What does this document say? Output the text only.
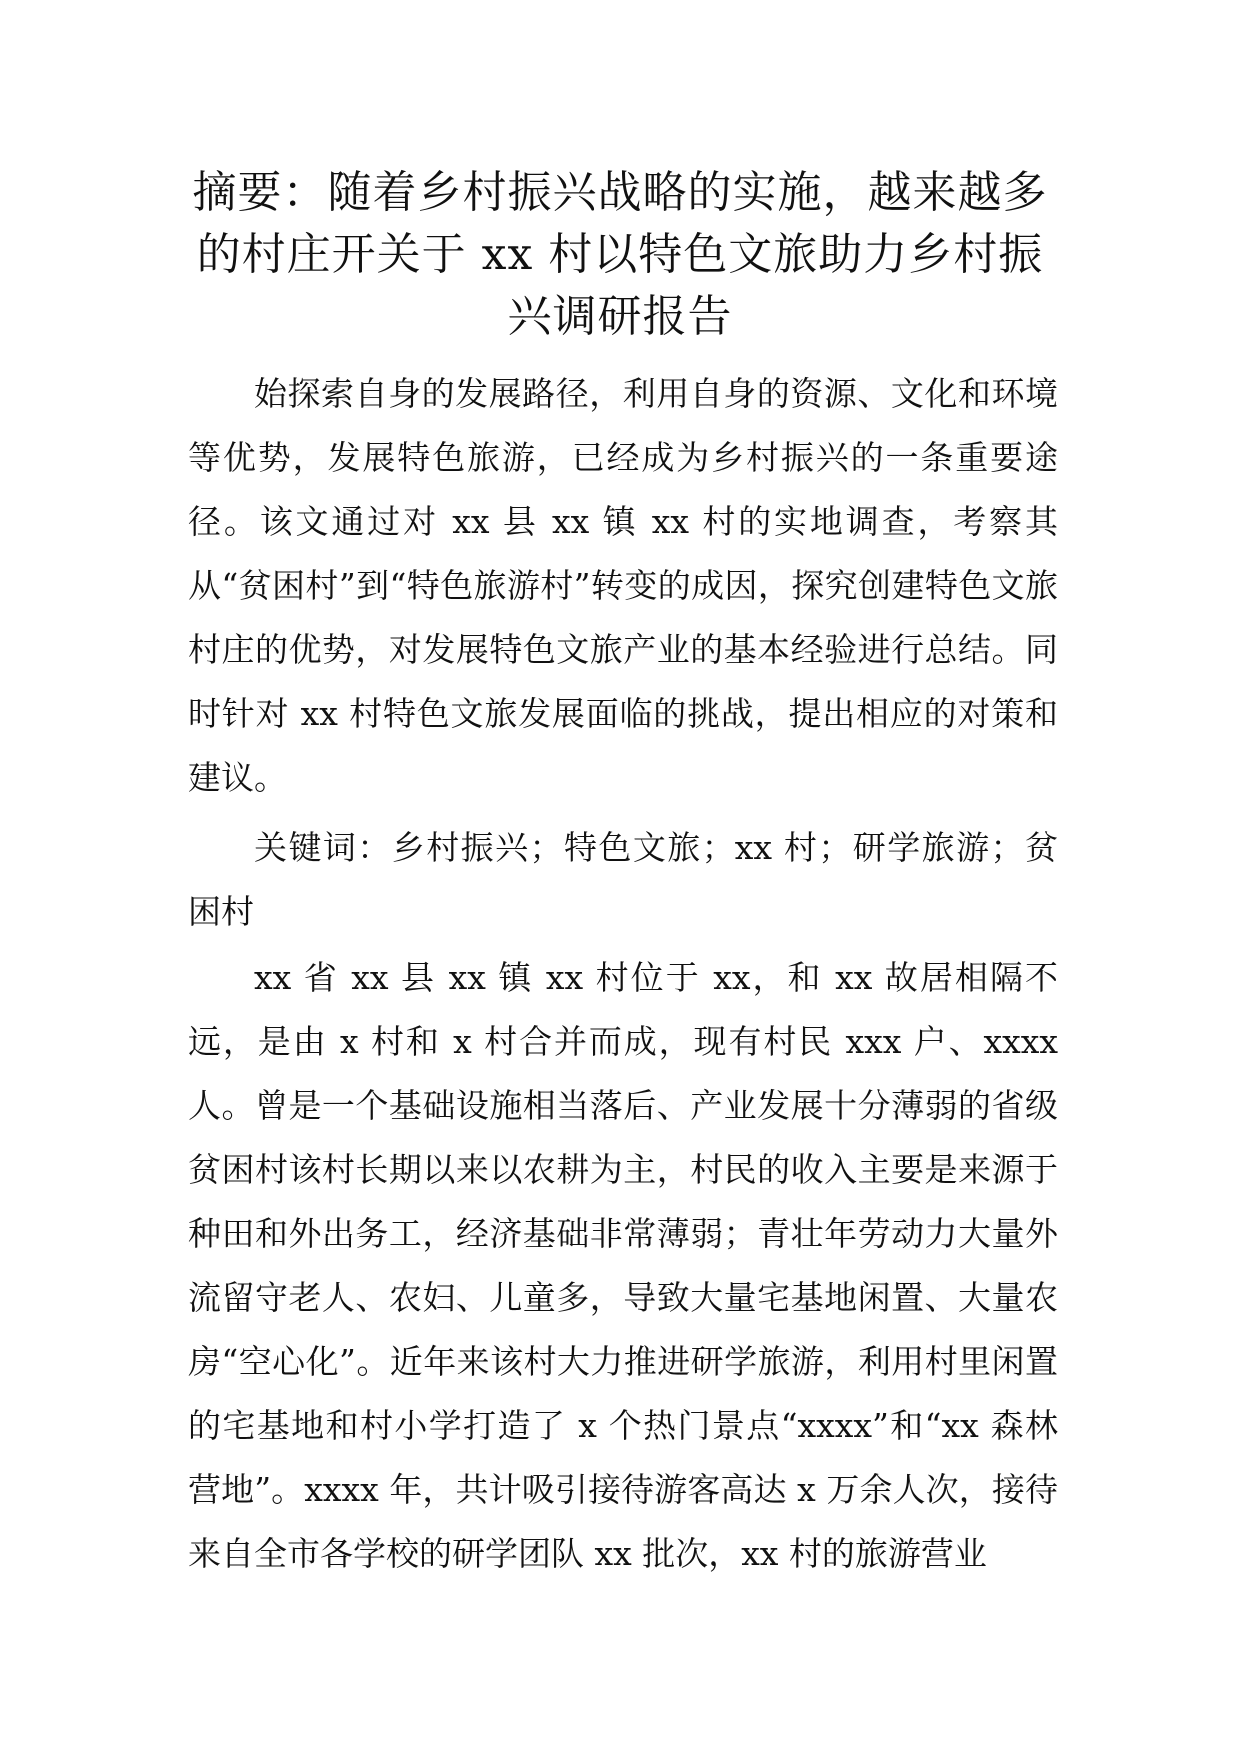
摘要：随着乡村振兴战略的实施，越来越多的村庄开关于 xx 村以特色文旅助力乡村振兴调研报告

始探索自身的发展路径，利用自身的资源、文化和环境等优势，发展特色旅游，已经成为乡村振兴的一条重要途径。该文通过对 xx 县 xx 镇 xx 村的实地调查，考察其从“贫困村”到“特色旅游村”转变的成因，探究创建特色文旅村庄的优势，对发展特色文旅产业的基本经验进行总结。同时针对 xx 村特色文旅发展面临的挑战，提出相应的对策和建议。

关键词：乡村振兴；特色文旅；xx 村；研学旅游；贫困村

xx 省 xx 县 xx 镇 xx 村位于 xx，和 xx 故居相隔不远，是由 x 村和 x 村合并而成，现有村民 xxx 户、xxxx 人。曾是一个基础设施相当落后、产业发展十分薄弱的省级贫困村该村长期以来以农耕为主，村民的收入主要是来源于种田和外出务工，经济基础非常薄弱；青壮年劳动力大量外流留守老人、农妇、儿童多，导致大量宅基地闲置、大量农房“空心化”。近年来该村大力推进研学旅游，利用村里闲置的宅基地和村小学打造了 x 个热门景点“xxxx”和“xx 森林营地”。xxxx 年，共计吸引接待游客高达 x 万余人次，接待来自全市各学校的研学团队 xx 批次，xx 村的旅游营业
